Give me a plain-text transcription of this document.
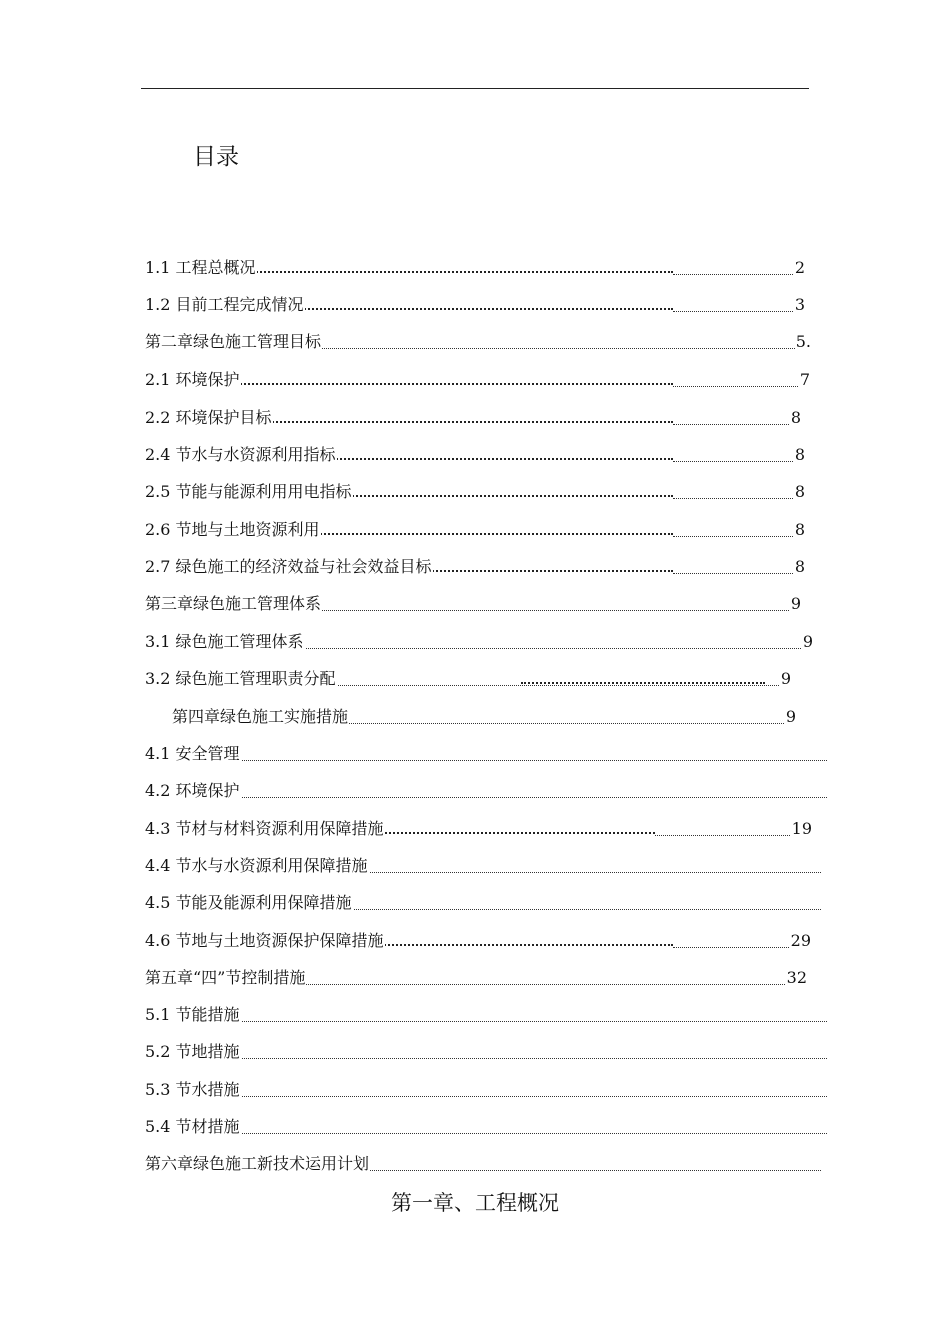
目录
1.1 工程总概况	2
1.2 目前工程完成情况	3
第二章绿色施工管理目标	5.
2.1 环境保护	7
2.2 环境保护目标	8
2.4 节水与水资源利用指标	8
2.5 节能与能源利用用电指标	8
2.6 节地与土地资源利用	8
2.7 绿色施工的经济效益与社会效益目标	8
第三章绿色施工管理体系	9
3.1 绿色施工管理体系	9
3.2 绿色施工管理职责分配	9
第四章绿色施工实施措施	9
4.1 安全管理
4.2 环境保护
4.3 节材与材料资源利用保障措施	19
4.4 节水与水资源利用保障措施
4.5 节能及能源利用保障措施
4.6 节地与土地资源保护保障措施	29
第五章“四”节控制措施	32
5.1 节能措施
5.2 节地措施
5.3 节水措施
5.4 节材措施
第六章绿色施工新技术运用计划
第一章、工程概况
